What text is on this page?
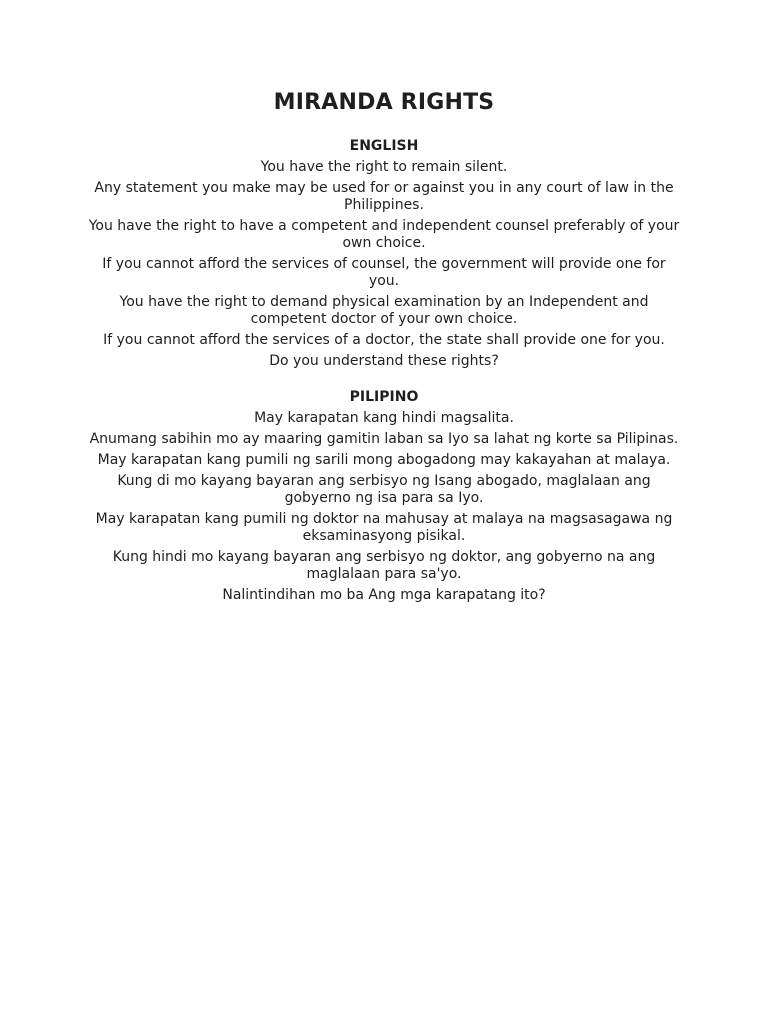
MIRANDA RIGHTS
ENGLISH

You have the right to remain silent.

Any statement you make may be used for or against you in any court of law in the Philippines.

You have the right to have a competent and independent counsel preferably of your own choice.

If you cannot afford the services of counsel, the government will provide one for you.

You have the right to demand physical examination by an Independent and competent doctor of your own choice.

If you cannot afford the services of a doctor, the state shall provide one for you.

Do you understand these rights?

PILIPINO

May karapatan kang hindi magsalita.

Anumang sabihin mo ay maaring gamitin laban sa Iyo sa lahat ng korte sa Pilipinas.

May karapatan kang pumili ng sarili mong abogadong may kakayahan at malaya.

Kung di mo kayang bayaran ang serbisyo ng Isang abogado, maglalaan ang gobyerno ng isa para sa Iyo.

May karapatan kang pumili ng doktor na mahusay at malaya na magsasagawa ng eksaminasyong pisikal.

Kung hindi mo kayang bayaran ang serbisyo ng doktor, ang gobyerno na ang maglalaan para sa'yo.

Nalintindihan mo ba Ang mga karapatang ito?
